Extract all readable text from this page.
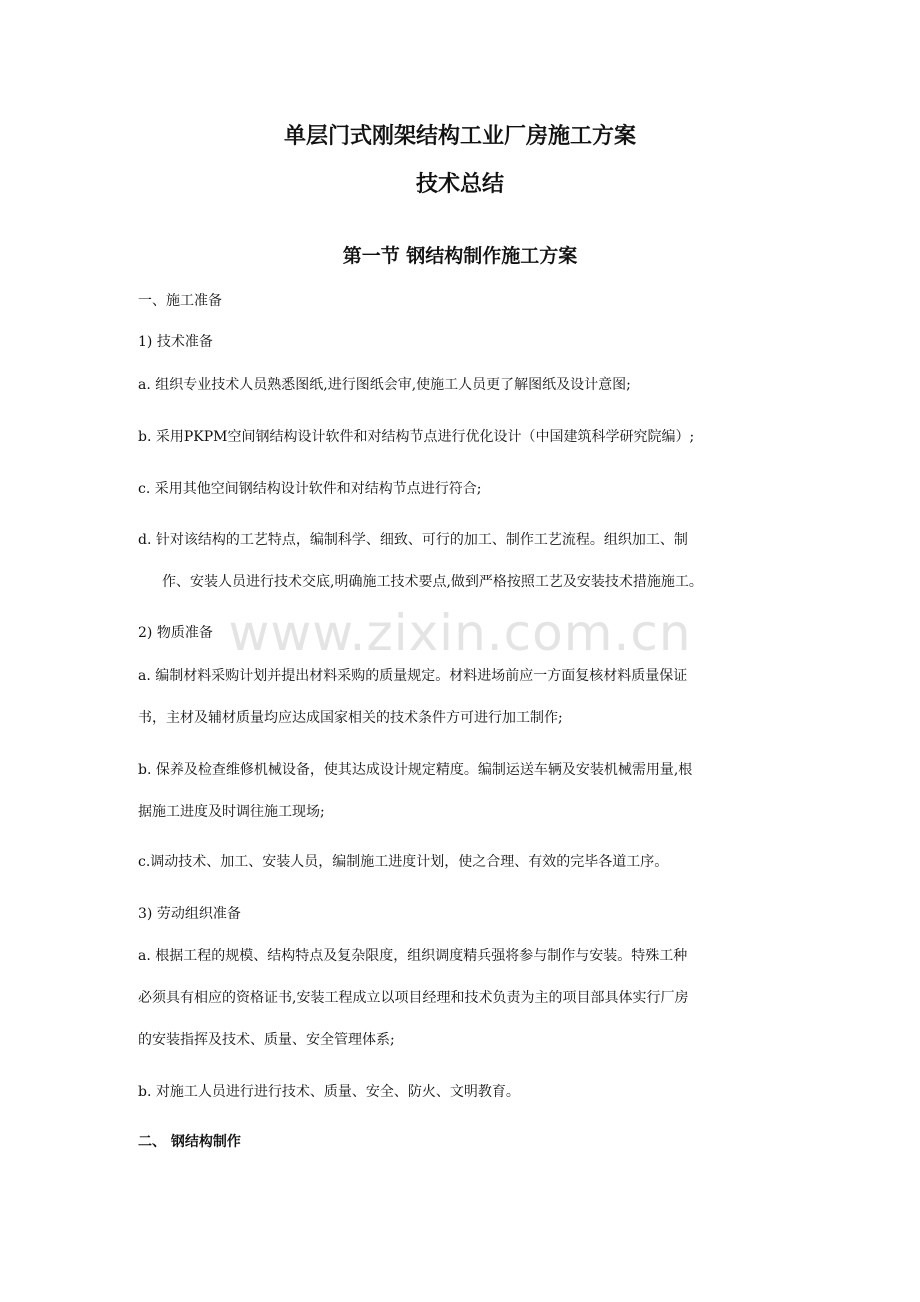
www.zixin.com.cn
单层门式刚架结构工业厂房施工方案
技术总结
第一节 钢结构制作施工方案

一、施工准备

1) 技术准备

a. 组织专业技术人员熟悉图纸,进行图纸会审,使施工人员更了解图纸及设计意图;

b. 采用PKPM空间钢结构设计软件和对结构节点进行优化设计（中国建筑科学研究院编）;

c. 采用其他空间钢结构设计软件和对结构节点进行符合;

d. 针对该结构的工艺特点，编制科学、细致、可行的加工、制作工艺流程。组织加工、制

作、安装人员进行技术交底,明确施工技术要点,做到严格按照工艺及安装技术措施施工。

2) 物质准备

a. 编制材料采购计划并提出材料采购的质量规定。材料进场前应一方面复核材料质量保证

书，主材及辅材质量均应达成国家相关的技术条件方可进行加工制作;

b. 保养及检查维修机械设备，使其达成设计规定精度。编制运送车辆及安装机械需用量,根

据施工进度及时调往施工现场;

c.调动技术、加工、安装人员，编制施工进度计划，使之合理、有效的完毕各道工序。

3) 劳动组织准备

a. 根据工程的规模、结构特点及复杂限度，组织调度精兵强将参与制作与安装。特殊工种

必须具有相应的资格证书,安装工程成立以项目经理和技术负责为主的项目部具体实行厂房

的安装指挥及技术、质量、安全管理体系;

b. 对施工人员进行进行技术、质量、安全、防火、文明教育。

二、 钢结构制作
